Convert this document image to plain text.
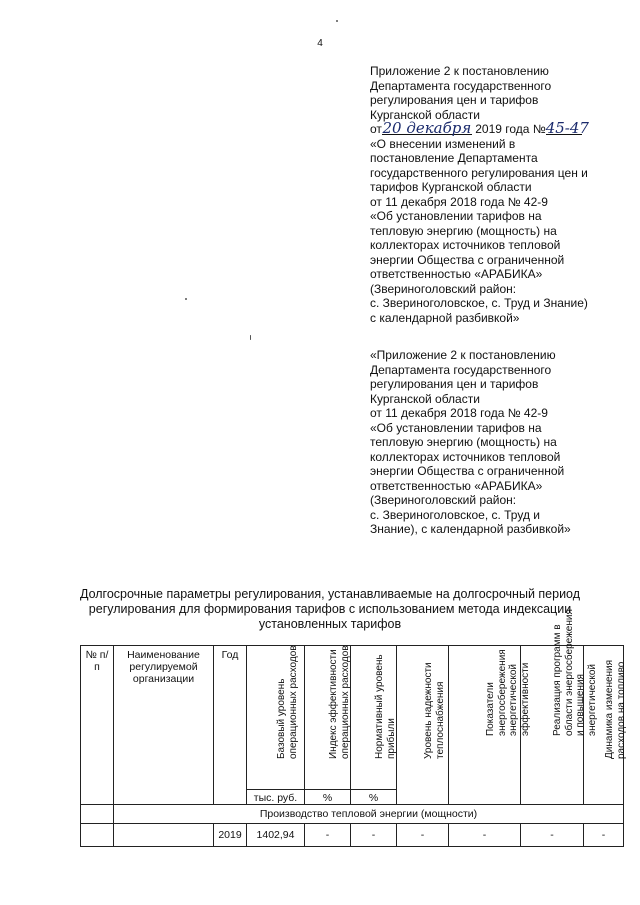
4
Приложение 2 к постановлению
Департамента государственного
регулирования цен и тарифов
Курганской области
от20 декабря 2019 года №45-47
«О внесении изменений в
постановление Департамента
государственного регулирования цен и
тарифов Курганской области
от 11 декабря 2018 года № 42-9
«Об установлении тарифов на
тепловую энергию (мощность) на
коллекторах источников тепловой
энергии Общества с ограниченной
ответственностью «АРАБИКА»
(Звериноголовский район:
с. Звериноголовское, с. Труд и Знание)
с календарной разбивкой»
«Приложение 2 к постановлению
Департамента государственного
регулирования цен и тарифов
Курганской области
от 11 декабря 2018 года № 42-9
«Об установлении тарифов на
тепловую энергию (мощность) на
коллекторах источников тепловой
энергии Общества с ограниченной
ответственностью «АРАБИКА»
(Звериноголовский район:
с. Звериноголовское, с. Труд и
Знание), с календарной разбивкой»
Долгосрочные параметры регулирования, устанавливаемые на долгосрочный период
регулирования для формирования тарифов с использованием метода индексации
установленных тарифов
№ п/п	Наименование регулируемой организации	Год	Базовый уровень операционных расходов	Индекс эффективности операционных расходов	Нормативный уровень прибыли	Уровень надежности теплоснабжения	Показатели энергосбережения энергетической эффективности	Реализация программ в области энергосбережения и повышения энергетической	Динамика изменения расходов на топливо

			тыс. руб.	%	%				

	Производство тепловой энергии (мощности)								

		2019	1402,94	-	-	-	-	-	-
